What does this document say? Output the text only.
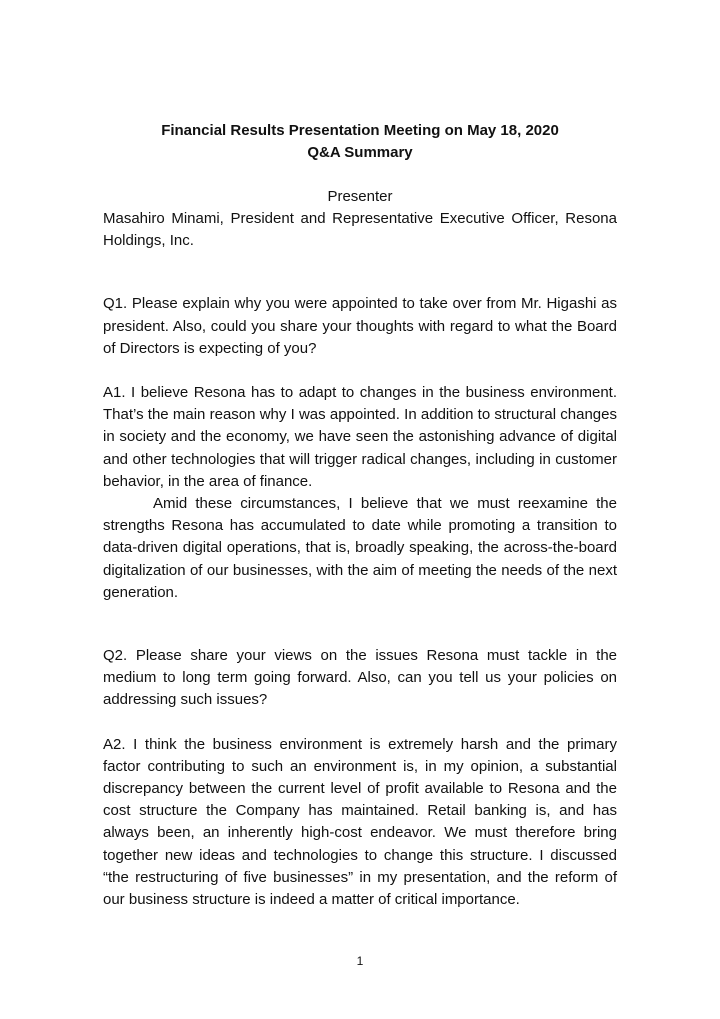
Financial Results Presentation Meeting on May 18, 2020

Q&A Summary

Presenter

Masahiro Minami, President and Representative Executive Officer, Resona Holdings, Inc.

Q1. Please explain why you were appointed to take over from Mr. Higashi as president. Also, could you share your thoughts with regard to what the Board of Directors is expecting of you?

A1. I believe Resona has to adapt to changes in the business environment. That’s the main reason why I was appointed. In addition to structural changes in society and the economy, we have seen the astonishing advance of digital and other technologies that will trigger radical changes, including in customer behavior, in the area of finance.

Amid these circumstances, I believe that we must reexamine the strengths Resona has accumulated to date while promoting a transition to data-driven digital operations, that is, broadly speaking, the across-the-board digitalization of our businesses, with the aim of meeting the needs of the next generation.

Q2. Please share your views on the issues Resona must tackle in the medium to long term going forward. Also, can you tell us your policies on addressing such issues?

A2. I think the business environment is extremely harsh and the primary factor contributing to such an environment is, in my opinion, a substantial discrepancy between the current level of profit available to Resona and the cost structure the Company has maintained. Retail banking is, and has always been, an inherently high-cost endeavor. We must therefore bring together new ideas and technologies to change this structure. I discussed “the restructuring of five businesses” in my presentation, and the reform of our business structure is indeed a matter of critical importance.

1
